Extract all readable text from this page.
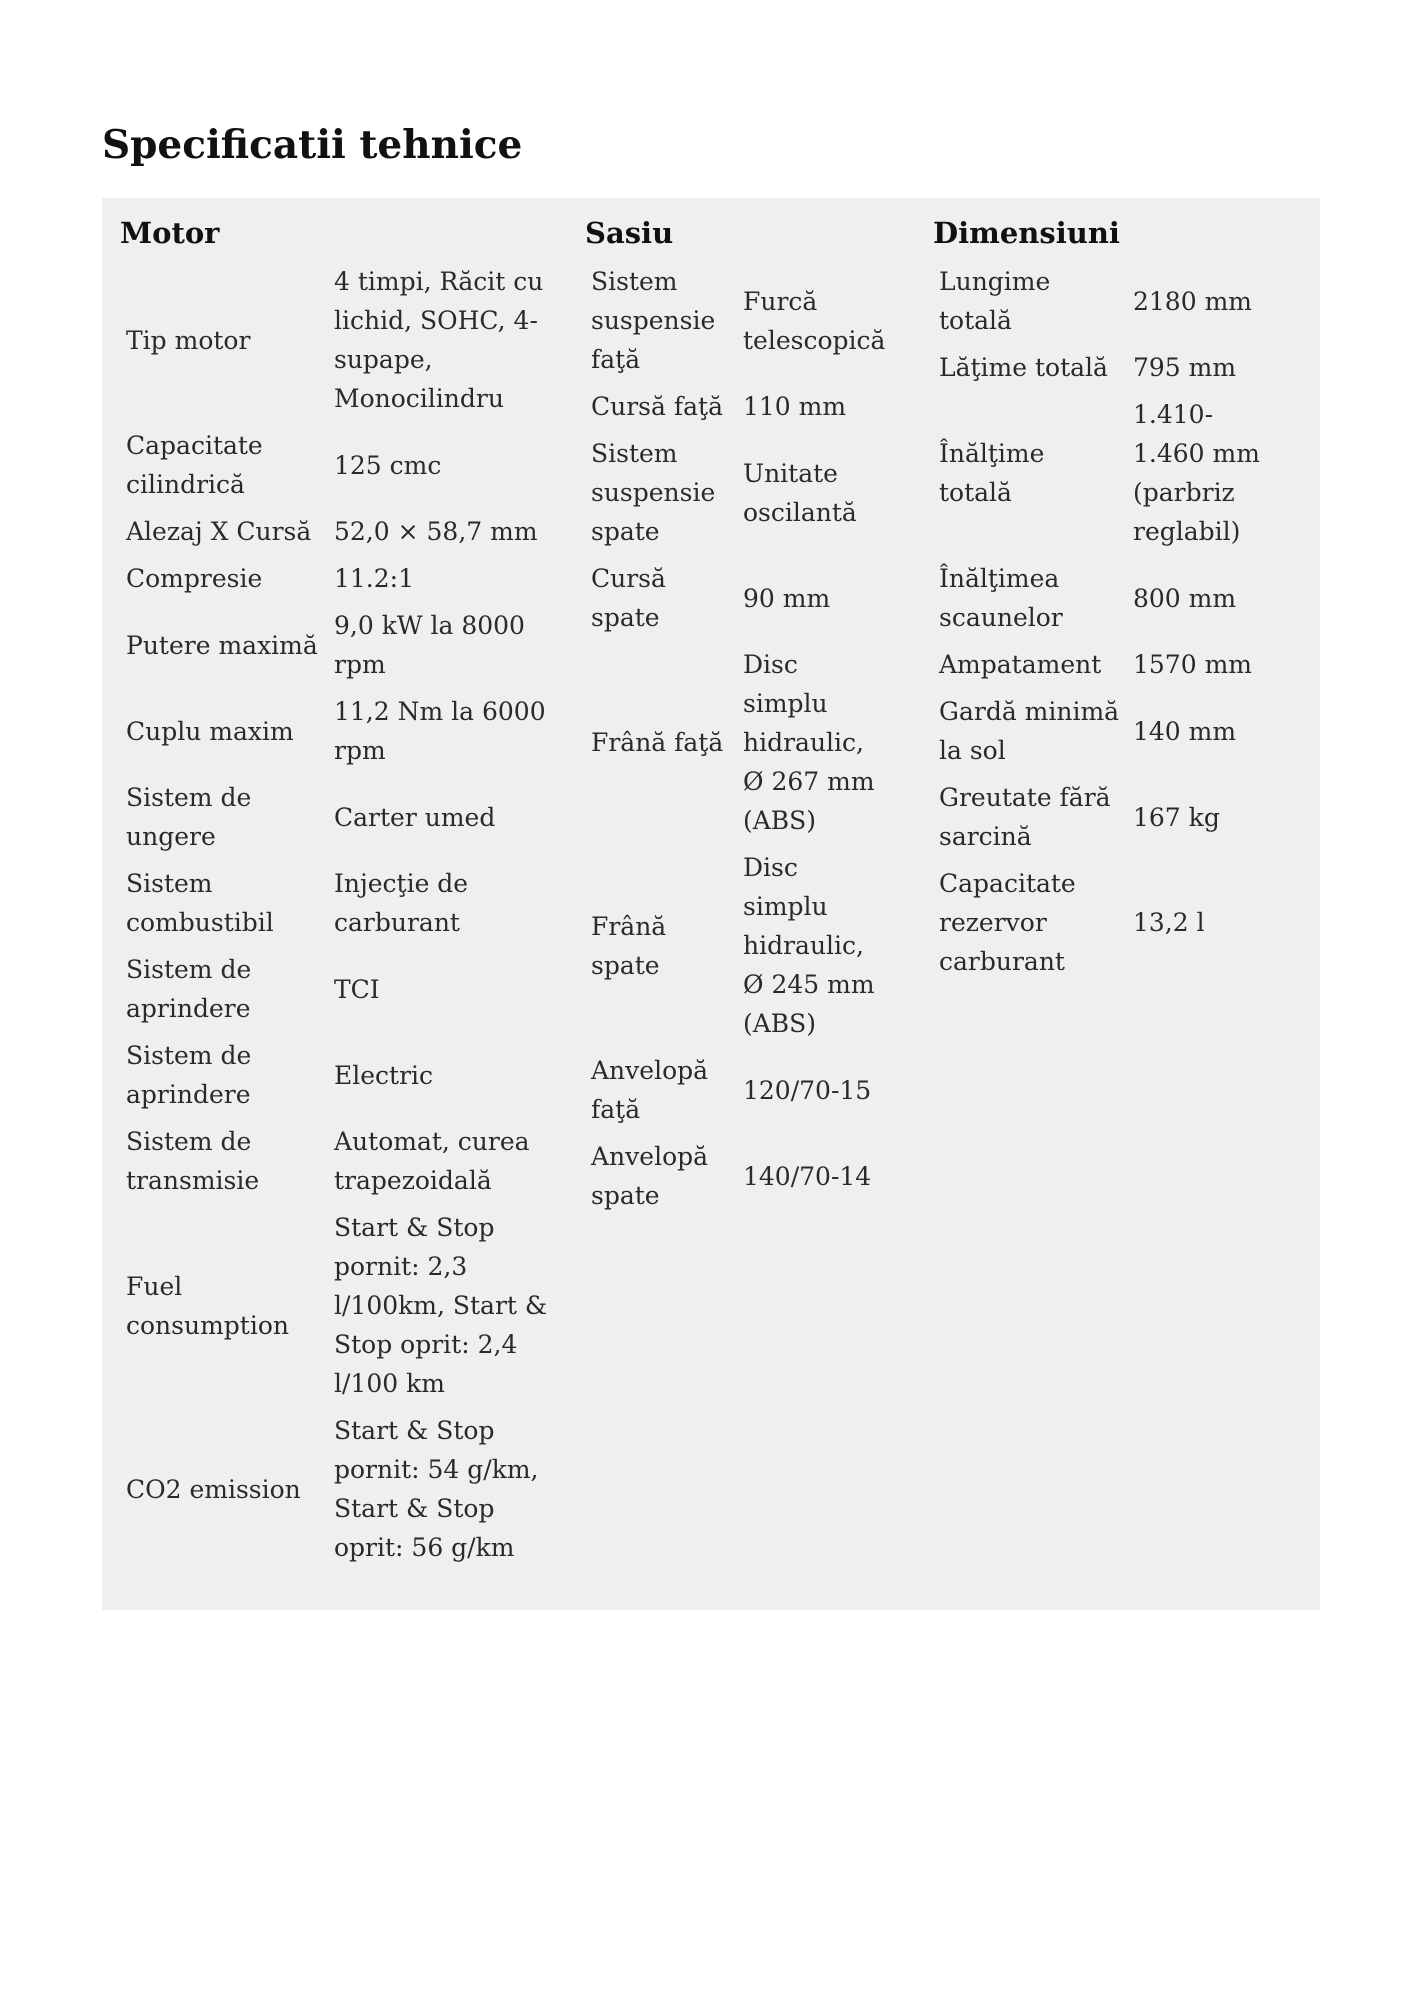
Specificatii tehnice
Motor
Tip motor	4 timpi, Răcit cu lichid, SOHC, 4-supape, Monocilindru
Capacitate cilindrică	125 cmc
Alezaj X Cursă	52,0 × 58,7 mm
Compresie	11.2:1
Putere maximă	9,0 kW la 8000 rpm
Cuplu maxim	11,2 Nm la 6000 rpm
Sistem de ungere	Carter umed
Sistem combustibil	Injecţie de carburant
Sistem de aprindere	TCI
Sistem de aprindere	Electric
Sistem de transmisie	Automat, curea trapezoidală
Fuel consumption	Start & Stop pornit: 2,3 l/100km, Start & Stop oprit: 2,4 l/100 km
CO2 emission	Start & Stop pornit: 54 g/km, Start & Stop oprit: 56 g/km
Sasiu
Sistem suspensie faţă	Furcă telescopică
Cursă faţă	110 mm
Sistem suspensie spate	Unitate oscilantă
Cursă spate	90 mm
Frână faţă	Disc simplu hidraulic, Ø 267 mm (ABS)
Frână spate	Disc simplu hidraulic, Ø 245 mm (ABS)
Anvelopă faţă	120/70-15
Anvelopă spate	140/70-14
Dimensiuni
Lungime totală	2180 mm
Lăţime totală	795 mm
Înălţime totală	1.410-1.460 mm (parbriz reglabil)
Înălţimea scaunelor	800 mm
Ampatament	1570 mm
Gardă minimă la sol	140 mm
Greutate fără sarcină	167 kg
Capacitate rezervor carburant	13,2 l
